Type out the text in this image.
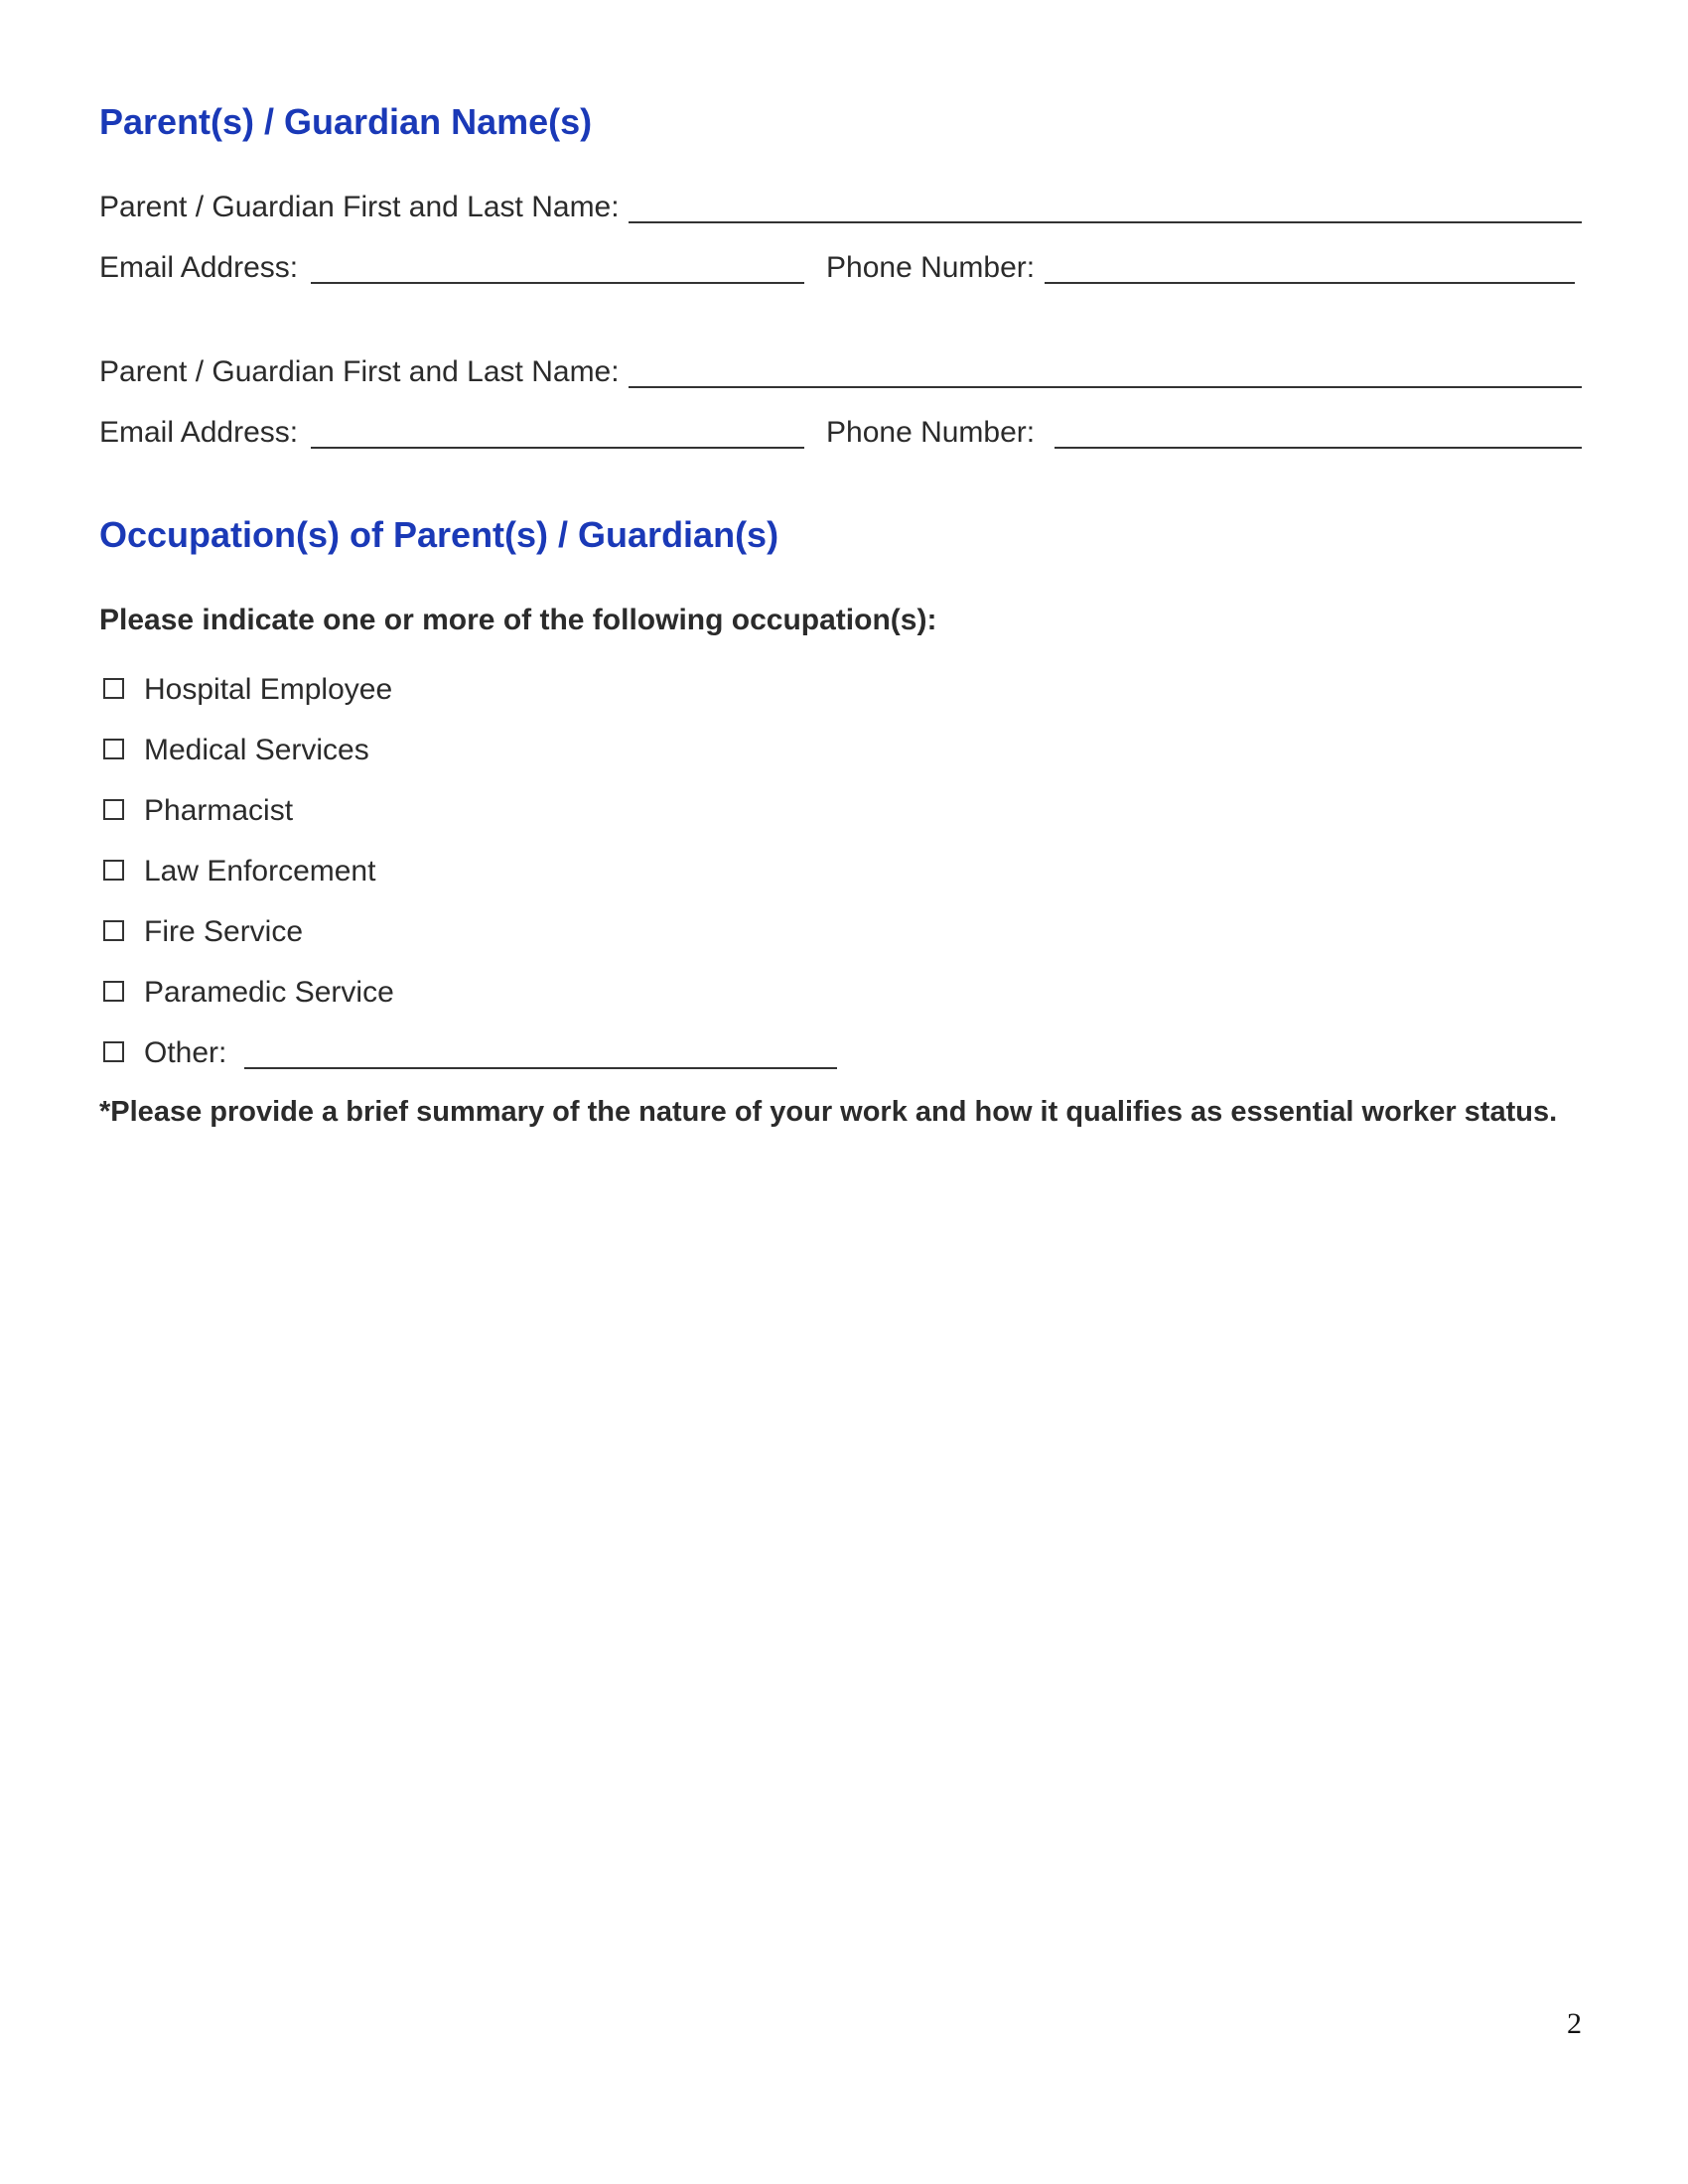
Parent(s) / Guardian Name(s)
Parent / Guardian First and Last Name:
Email Address:	Phone Number:
Parent / Guardian First and Last Name:
Email Address:	Phone Number:
Occupation(s) of Parent(s) / Guardian(s)
Please indicate one or more of the following occupation(s):
Hospital Employee
Medical Services
Pharmacist
Law Enforcement
Fire Service
Paramedic Service
Other:
*Please provide a brief summary of the nature of your work and how it qualifies as essential worker status.
2
